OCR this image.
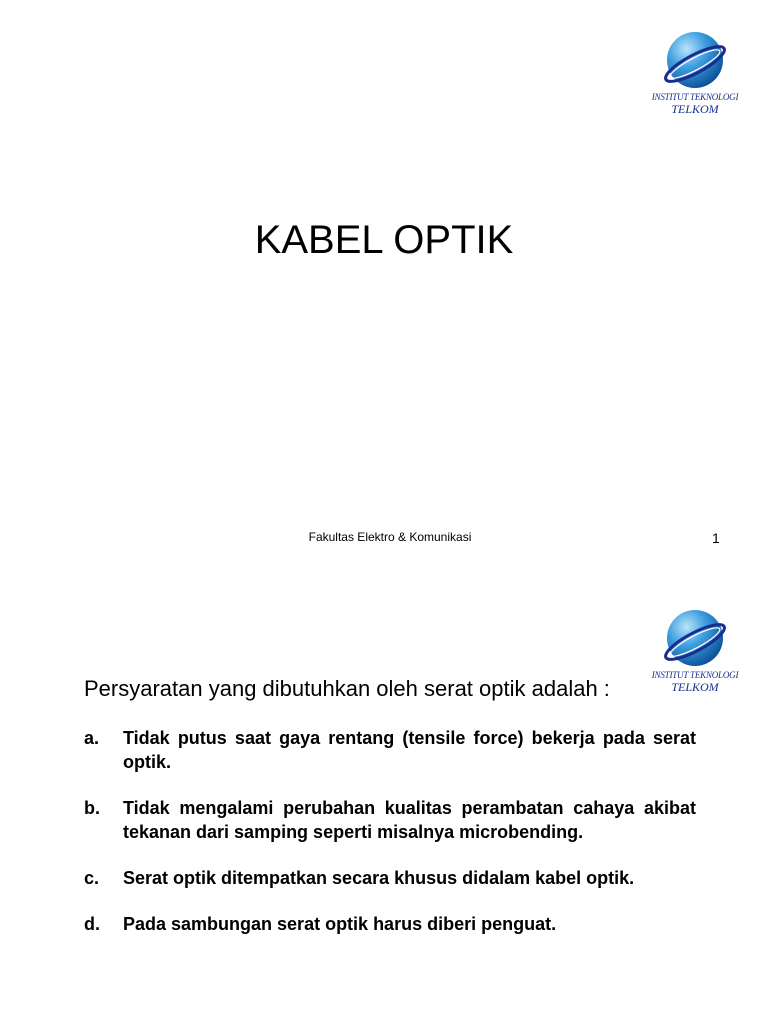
INSTITUT TEKNOLOGI
TELKOM
KABEL OPTIK
Fakultas Elektro & Komunikasi	1
Persyaratan yang dibutuhkan oleh serat optik adalah :
INSTITUT TEKNOLOGI
TELKOM
a. Tidak putus saat gaya rentang (tensile force) bekerja pada serat optik.
b. Tidak mengalami perubahan kualitas perambatan cahaya akibat tekanan dari samping seperti misalnya microbending.
c. Serat optik ditempatkan secara khusus didalam kabel optik.
d. Pada sambungan serat optik harus diberi penguat.
